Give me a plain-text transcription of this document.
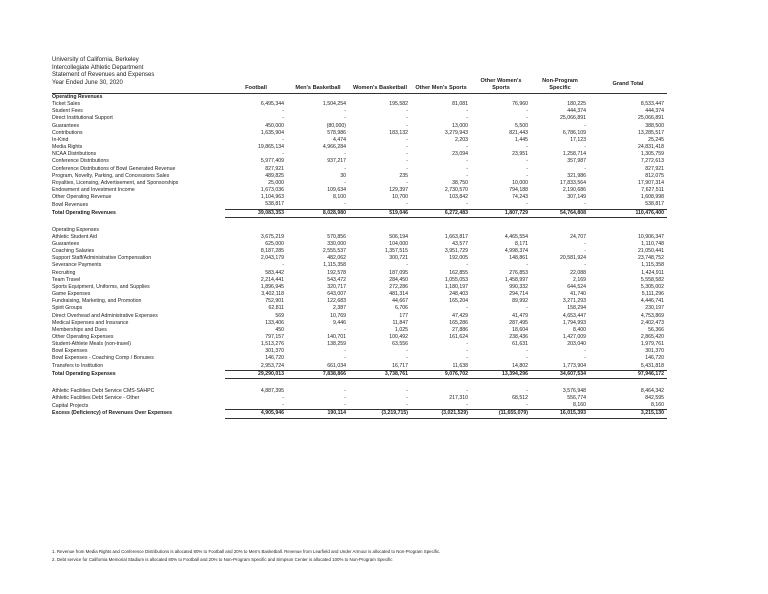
University of California, Berkeley
Intercollegiate Athletic Department
Statement of Revenues and Expenses
Year Ended June 30, 2020
	Football	Men's Basketball	Women's Basketball	Other Men's Sports	Other Women's Sports	Non-Program Specific	Grand Total
Operating Revenues							
Ticket Sales	6,495,344	1,504,254	195,582	81,081	76,960	180,225	8,533,447
Student Fees	-	-	-	-	-	444,374	444,374
Direct Institutional Support	-	-	-	-	-	25,066,891	25,066,891
Guarantees	450,000	(80,000)	-	13,000	5,500	-	388,500
Contributions	1,635,904	578,986	183,132	3,279,943	821,443	6,786,109	13,285,517
In-Kind	-	4,474	-	2,203	1,445	17,123	25,245
Media Rights	19,865,134	4,966,284	-	-	-	-	24,831,418
NCAA Distributions	-	-	-	23,094	23,951	1,258,714	1,305,759
Conference Distributions	5,977,409	937,217	-	-	-	357,987	7,272,613
Conference Distributions of Bowl Generated Revenue	827,921	-	-	-	-	-	827,921
Program, Novelty, Parking, and Concessions Sales	489,825	30	235	-	-	321,986	812,075
Royalties, Licensing, Advertisement, and Sponsorships	25,000	-	-	38,750	10,000	17,833,564	17,907,314
Endowment and Investment Income	1,673,036	109,634	129,397	2,730,570	794,188	2,190,686	7,627,511
Other Operating Revenue	1,104,963	8,100	10,700	103,842	74,243	307,149	1,608,998
Bowl Revenues	538,817	-	-	-	-	-	538,817
Total Operating Revenues	39,083,353	8,028,980	519,046	6,272,483	1,807,729	54,764,808	110,476,400

Operating Expenses							
Athletic Student Aid	3,675,219	570,856	506,194	1,663,817	4,465,554	24,707	10,906,347
Guarantees	625,000	330,000	104,000	43,577	8,171	-	1,110,748
Coaching Salaries	8,187,285	2,555,537	1,357,515	3,951,729	4,998,374	-	21,050,441
Support Staff/Administrative Compensation	2,043,179	482,062	300,721	192,005	148,861	20,581,924	23,748,752
Severance Payments	-	1,115,358	-	-	-	-	1,115,358
Recruiting	583,442	192,578	187,095	162,855	276,853	22,088	1,424,911
Team Travel	2,214,441	543,472	284,450	1,055,053	1,458,997	2,169	5,558,582
Sports Equipment, Uniforms, and Supplies	1,896,945	320,717	272,286	1,180,197	990,332	644,524	5,305,002
Game Expenses	3,402,118	643,007	481,314	248,403	294,714	41,740	5,111,296
Fundraising, Marketing, and Promotion	752,901	122,683	44,667	165,204	89,992	3,271,293	4,446,741
Spirit Groups	62,811	2,387	6,706	-	-	158,294	230,197
Direct Overhead and Administrative Expenses	569	10,769	177	47,429	41,479	4,653,447	4,753,869
Medical Expenses and Insurance	133,406	9,446	11,847	165,286	287,495	1,794,993	2,402,473
Memberships and Dues	450	-	1,025	27,886	18,604	8,400	56,366
Other Operating Expenses	797,157	140,701	100,492	161,624	238,436	1,427,009	2,865,420
Student-Athlete Meals (non-travel)	1,513,276	138,259	63,556	-	61,631	203,040	1,979,761
Bowl Expenses	301,370	-	-	-	-	-	301,370
Bowl Expenses - Coaching Comp / Bonuses	146,720	-	-	-	-	-	146,720
Transfers to Institution	2,953,724	661,034	16,717	11,638	14,802	1,773,904	5,431,818
Total Operating Expenses	29,290,013	7,838,866	3,738,761	9,076,702	13,394,296	34,607,534	97,946,172

Athletic Facilities Debt Service CMS-SAHPC	4,887,395	-	-	-	-	3,576,948	8,464,342
Athletic Facilities Debt Service - Other	-	-	-	217,310	68,512	556,774	842,595
Capital Projects	-	-	-	-	-	8,160	8,160
Excess (Deficiency) of Revenues Over Expenses	4,905,946	190,114	(3,219,715)	(3,021,529)	(11,655,079)	16,015,393	3,215,130
1. Revenue from Media Rights and Conference Distributions is allocated 80% to Football and 20% to Men's Basketball. Revenue from Learfield and Under Armour is allocated to Non-Program Specific.
2. Debt service for California Memorial Stadium is allocated 80% to Football and 20% to Non-Program Specific and Simpson Center is allocated 100% to Non-Program Specific
